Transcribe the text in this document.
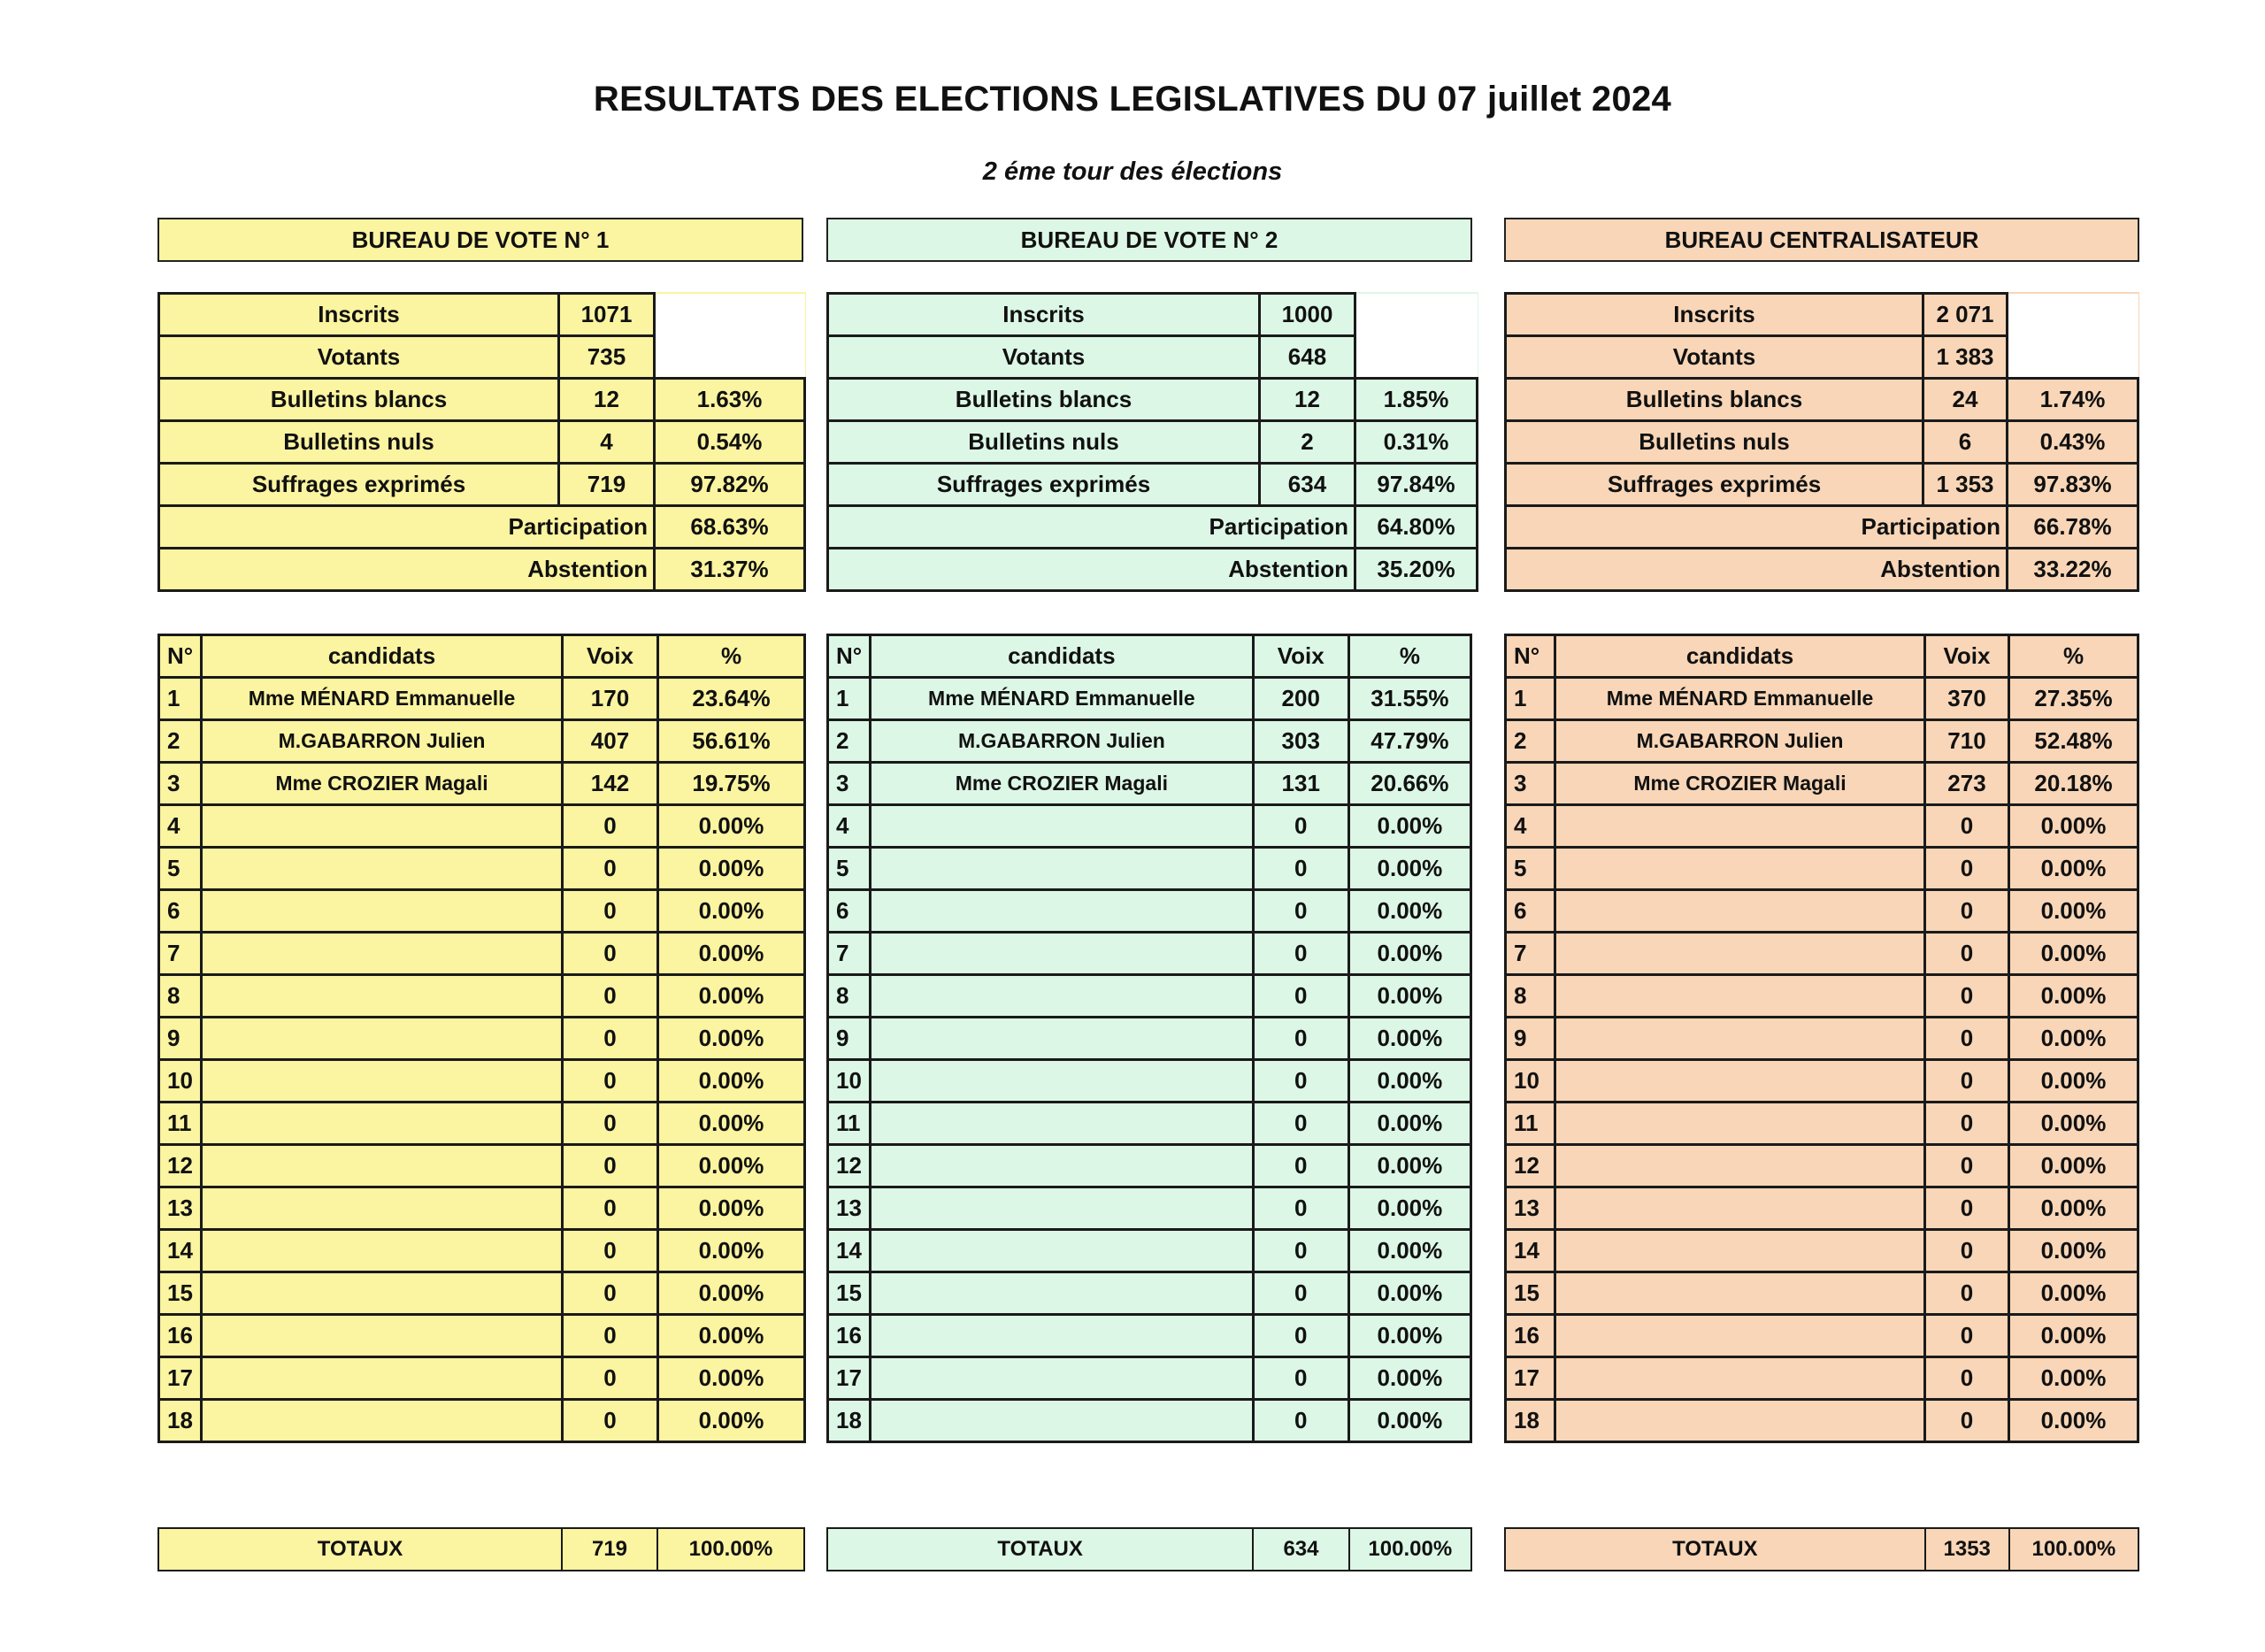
RESULTATS DES ELECTIONS LEGISLATIVES DU 07 juillet 2024
2 éme tour des élections
BUREAU DE VOTE N° 1
Inscrits	1071	
Votants	735	
Bulletins blancs	12	1.63%
Bulletins nuls	4	0.54%
Suffrages exprimés	719	97.82%
Participation		68.63%
Abstention		31.37%
N°	candidats	Voix	%
1	Mme MÉNARD Emmanuelle	170	23.64%
2	M.GABARRON Julien	407	56.61%
3	Mme CROZIER Magali	142	19.75%
4		0	0.00%
5		0	0.00%
6		0	0.00%
7		0	0.00%
8		0	0.00%
9		0	0.00%
10		0	0.00%
11		0	0.00%
12		0	0.00%
13		0	0.00%
14		0	0.00%
15		0	0.00%
16		0	0.00%
17		0	0.00%
18		0	0.00%
TOTAUX	719	100.00%
BUREAU DE VOTE N° 2
Inscrits	1000	
Votants	648	
Bulletins blancs	12	1.85%
Bulletins nuls	2	0.31%
Suffrages exprimés	634	97.84%
Participation		64.80%
Abstention		35.20%
N°	candidats	Voix	%
1	Mme MÉNARD Emmanuelle	200	31.55%
2	M.GABARRON Julien	303	47.79%
3	Mme CROZIER Magali	131	20.66%
4		0	0.00%
5		0	0.00%
6		0	0.00%
7		0	0.00%
8		0	0.00%
9		0	0.00%
10		0	0.00%
11		0	0.00%
12		0	0.00%
13		0	0.00%
14		0	0.00%
15		0	0.00%
16		0	0.00%
17		0	0.00%
18		0	0.00%
TOTAUX	634	100.00%
BUREAU CENTRALISATEUR
Inscrits	2 071	
Votants	1 383	
Bulletins blancs	24	1.74%
Bulletins nuls	6	0.43%
Suffrages exprimés	1 353	97.83%
Participation		66.78%
Abstention		33.22%
N°	candidats	Voix	%
1	Mme MÉNARD Emmanuelle	370	27.35%
2	M.GABARRON Julien	710	52.48%
3	Mme CROZIER Magali	273	20.18%
4		0	0.00%
5		0	0.00%
6		0	0.00%
7		0	0.00%
8		0	0.00%
9		0	0.00%
10		0	0.00%
11		0	0.00%
12		0	0.00%
13		0	0.00%
14		0	0.00%
15		0	0.00%
16		0	0.00%
17		0	0.00%
18		0	0.00%
TOTAUX	1353	100.00%
